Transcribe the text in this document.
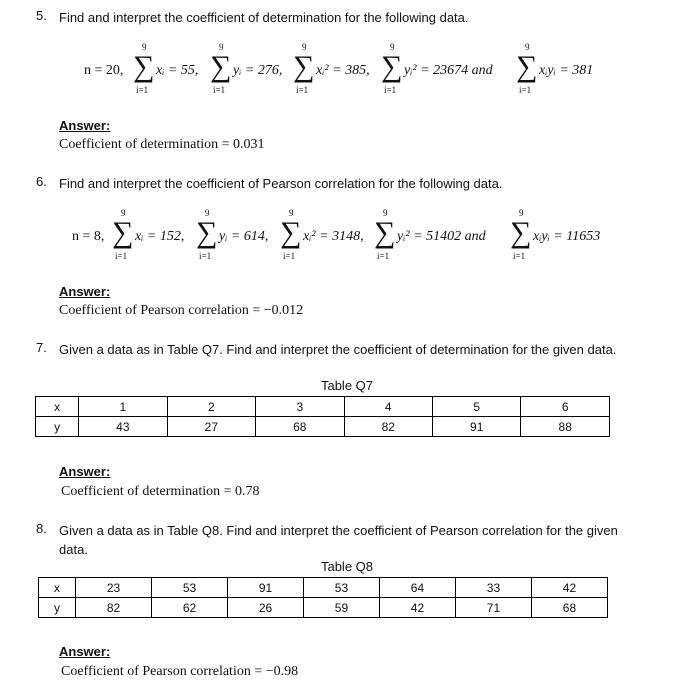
5. Find and interpret the coefficient of determination for the following data.
n = 20,
9
∑
i=1
xᵢ = 55,
9
∑
i=1
yᵢ = 276,
9
∑
i=1
xᵢ² = 385,
9
∑
i=1
yᵢ² = 23674 and
9
∑
i=1
xᵢyᵢ = 381
Answer:
Coefficient of determination = 0.031
6. Find and interpret the coefficient of Pearson correlation for the following data.
n = 8,
9
∑
i=1
xᵢ = 152,
9
∑
i=1
yᵢ = 614,
9
∑
i=1
xᵢ² = 3148,
9
∑
i=1
yᵢ² = 51402 and
9
∑
i=1
xᵢyᵢ = 11653
Answer:
Coefficient of Pearson correlation = −0.012
7. Given a data as in Table Q7. Find and interpret the coefficient of determination for the given data.
Table Q7
x	1	2	3	4	5	6
y	43	27	68	82	91	88
Answer:
Coefficient of determination = 0.78
8. Given a data as in Table Q8. Find and interpret the coefficient of Pearson correlation for the given data.
Table Q8
x	23	53	91	53	64	33	42
y	82	62	26	59	42	71	68
Answer:
Coefficient of Pearson correlation = −0.98
